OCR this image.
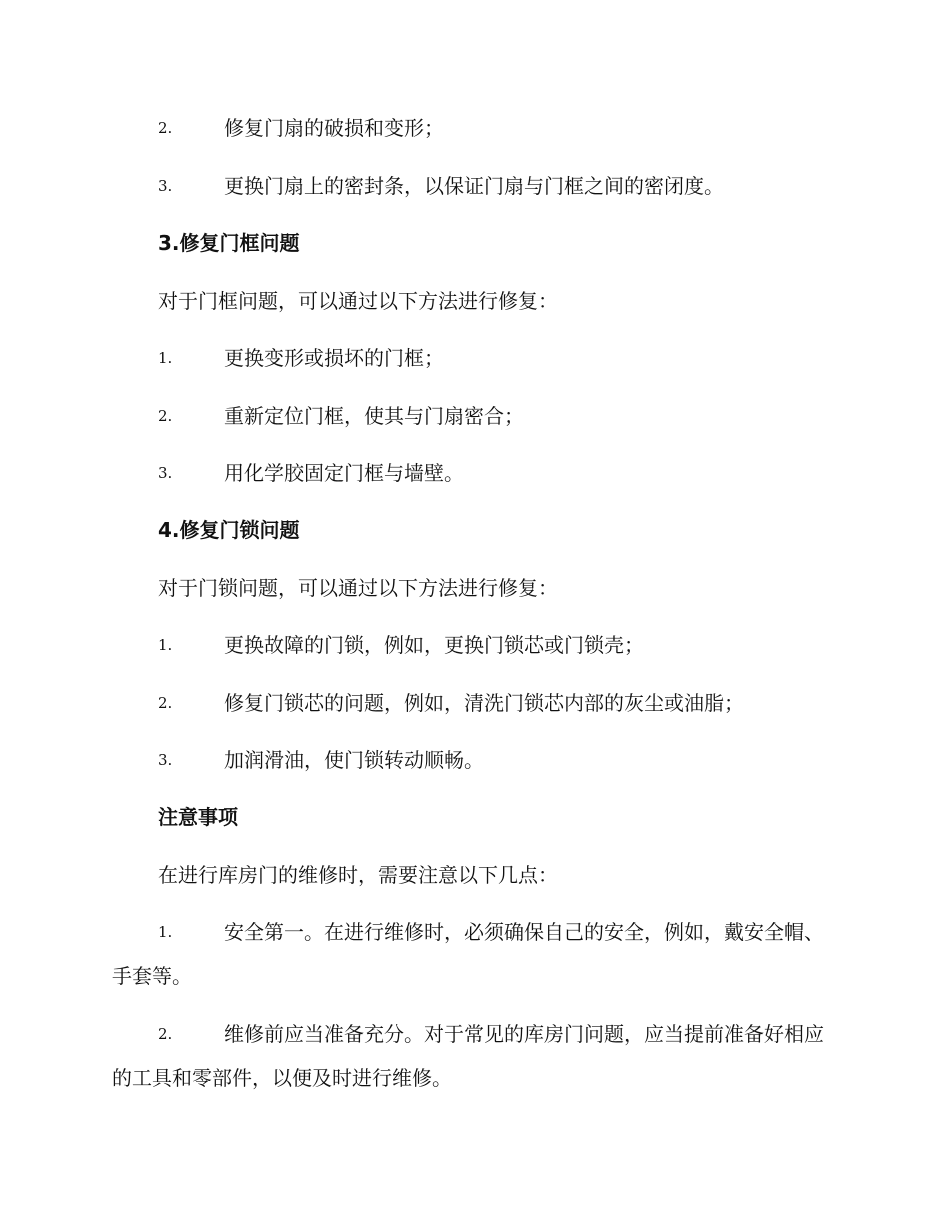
2.	修复门扇的破损和变形；
3.	更换门扇上的密封条，以保证门扇与门框之间的密闭度。
3.修复门框问题
对于门框问题，可以通过以下方法进行修复：
1.	更换变形或损坏的门框；
2.	重新定位门框，使其与门扇密合；
3.	用化学胶固定门框与墙壁。
4.修复门锁问题
对于门锁问题，可以通过以下方法进行修复：
1.	更换故障的门锁，例如，更换门锁芯或门锁壳；
2.	修复门锁芯的问题，例如，清洗门锁芯内部的灰尘或油脂；
3.	加润滑油，使门锁转动顺畅。
注意事项
在进行库房门的维修时，需要注意以下几点：
1.	安全第一。在进行维修时，必须确保自己的安全，例如，戴安全帽、手套等。
2.	维修前应当准备充分。对于常见的库房门问题，应当提前准备好相应的工具和零部件，以便及时进行维修。
